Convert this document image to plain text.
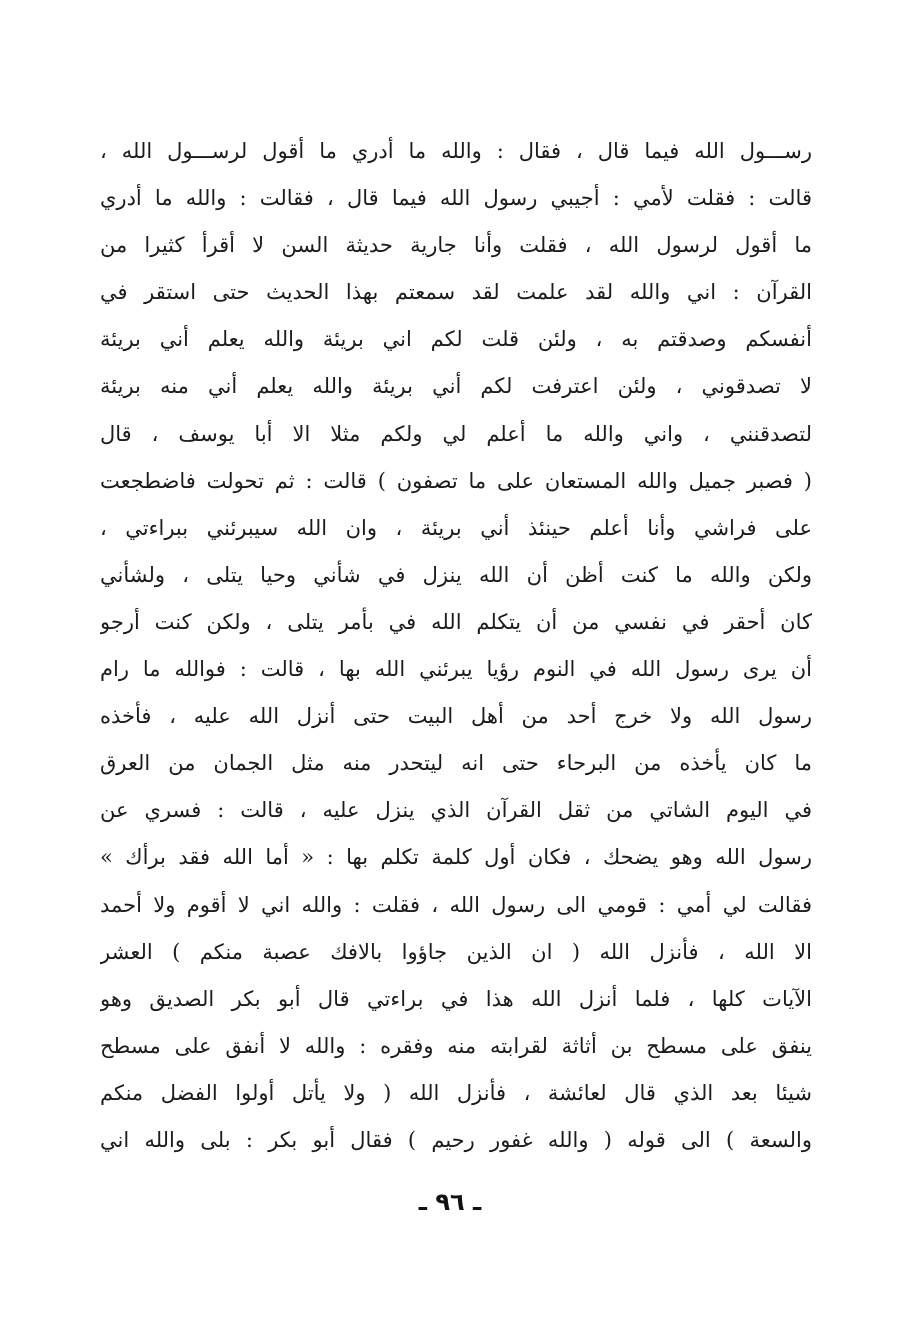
رســـول الله فيما قال ، فقال : والله ما أدري ما أقول لرســـول الله ،
قالت : فقلت لأمي : أجيبي رسول الله فيما قال ، فقالت : والله ما أدري
ما أقول لرسول الله ، فقلت وأنا جارية حديثة السن لا أقرأ كثيرا من
القرآن : اني والله لقد علمت لقد سمعتم بهذا الحديث حتى استقر في
أنفسكم وصدقتم به ، ولئن قلت لكم اني بريئة والله يعلم أني بريئة
لا تصدقوني ، ولئن اعترفت لكم أني بريئة والله يعلم أني منه بريئة
لتصدقنني ، واني والله ما أعلم لي ولكم مثلا الا أبا يوسف ، قال
( فصبر جميل والله المستعان على ما تصفون ) قالت : ثم تحولت فاضطجعت
على فراشي وأنا أعلم حينئذ أني بريئة ، وان الله سيبرئني ببراءتي ،
ولكن والله ما كنت أظن أن الله ينزل في شأني وحيا يتلى ، ولشأني
كان أحقر في نفسي من أن يتكلم الله في بأمر يتلى ، ولكن كنت أرجو
أن يرى رسول الله في النوم رؤيا يبرئني الله بها ، قالت : فوالله ما رام
رسول الله ولا خرج أحد من أهل البيت حتى أنزل الله عليه ، فأخذه
ما كان يأخذه من البرحاء حتى انه ليتحدر منه مثل الجمان من العرق
في اليوم الشاتي من ثقل القرآن الذي ينزل عليه ، قالت : فسري عن
رسول الله وهو يضحك ، فكان أول كلمة تكلم بها : « أما الله فقد برأك »
فقالت لي أمي : قومي الى رسول الله ، فقلت : والله اني لا أقوم ولا أحمد
الا الله ، فأنزل الله ( ان الذين جاؤوا بالافك عصبة منكم ) العشر
الآيات كلها ، فلما أنزل الله هذا في براءتي قال أبو بكر الصديق وهو
ينفق على مسطح بن أثاثة لقرابته منه وفقره : والله لا أنفق على مسطح
شيئا بعد الذي قال لعائشة ، فأنزل الله ( ولا يأتل أولوا الفضل منكم
والسعة ) الى قوله ( والله غفور رحيم ) فقال أبو بكر : بلى والله اني
ـ ٩٦ ـ
